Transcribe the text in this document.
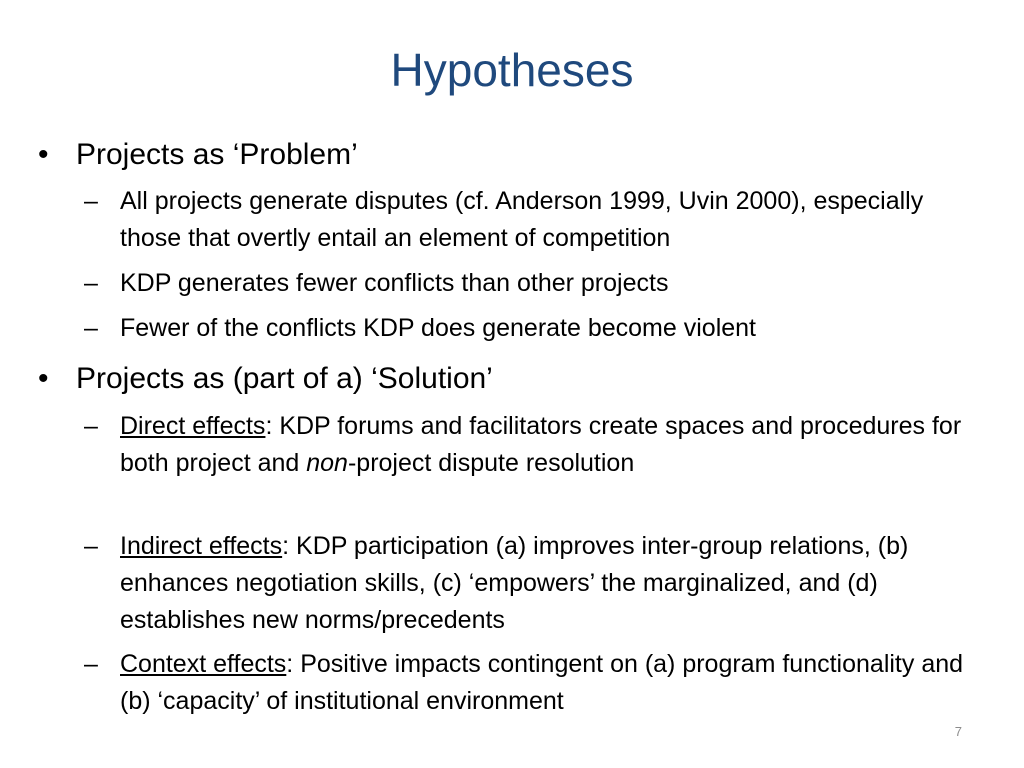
Hypotheses
• Projects as ‘Problem’
– All projects generate disputes (cf. Anderson 1999, Uvin 2000), especially those that overtly entail an element of competition
– KDP generates fewer conflicts than other projects
– Fewer of the conflicts KDP does generate become violent
• Projects as (part of a) ‘Solution’
– Direct effects: KDP forums and facilitators create spaces and procedures for both project and non-project dispute resolution
– Indirect effects: KDP participation (a) improves inter-group relations, (b) enhances negotiation skills, (c) ‘empowers’ the marginalized, and (d) establishes new norms/precedents
– Context effects: Positive impacts contingent on (a) program functionality and (b) ‘capacity’ of institutional environment
7
